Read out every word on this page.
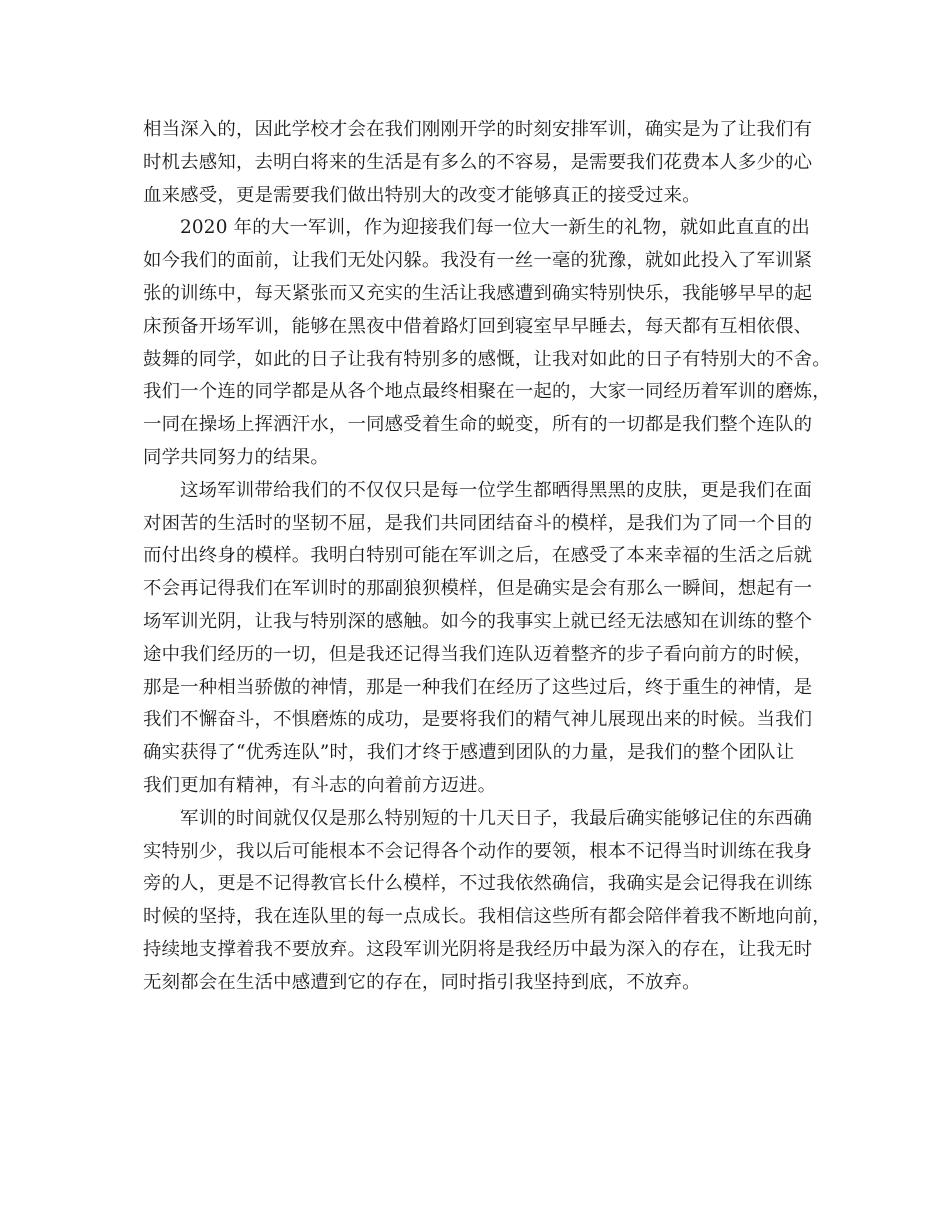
相当深入的，因此学校才会在我们刚刚开学的时刻安排军训，确实是为了让我们有
时机去感知，去明白将来的生活是有多么的不容易，是需要我们花费本人多少的心
血来感受，更是需要我们做出特别大的改变才能够真正的接受过来。
2020 年的大一军训，作为迎接我们每一位大一新生的礼物，就如此直直的出
如今我们的面前，让我们无处闪躲。我没有一丝一毫的犹豫，就如此投入了军训紧
张的训练中，每天紧张而又充实的生活让我感遭到确实特别快乐，我能够早早的起
床预备开场军训，能够在黑夜中借着路灯回到寝室早早睡去，每天都有互相依偎、
鼓舞的同学，如此的日子让我有特别多的感慨，让我对如此的日子有特别大的不舍。
我们一个连的同学都是从各个地点最终相聚在一起的，大家一同经历着军训的磨炼，
一同在操场上挥洒汗水，一同感受着生命的蜕变，所有的一切都是我们整个连队的
同学共同努力的结果。
这场军训带给我们的不仅仅只是每一位学生都晒得黑黑的皮肤，更是我们在面
对困苦的生活时的坚韧不屈，是我们共同团结奋斗的模样，是我们为了同一个目的
而付出终身的模样。我明白特别可能在军训之后，在感受了本来幸福的生活之后就
不会再记得我们在军训时的那副狼狈模样，但是确实是会有那么一瞬间，想起有一
场军训光阴，让我与特别深的感触。如今的我事实上就已经无法感知在训练的整个
途中我们经历的一切，但是我还记得当我们连队迈着整齐的步子看向前方的时候，
那是一种相当骄傲的神情，那是一种我们在经历了这些过后，终于重生的神情，是
我们不懈奋斗，不惧磨炼的成功，是要将我们的精气神儿展现出来的时候。当我们
确实获得了“优秀连队”时，我们才终于感遭到团队的力量，是我们的整个团队让
我们更加有精神，有斗志的向着前方迈进。
军训的时间就仅仅是那么特别短的十几天日子，我最后确实能够记住的东西确
实特别少，我以后可能根本不会记得各个动作的要领，根本不记得当时训练在我身
旁的人，更是不记得教官长什么模样，不过我依然确信，我确实是会记得我在训练
时候的坚持，我在连队里的每一点成长。我相信这些所有都会陪伴着我不断地向前，
持续地支撑着我不要放弃。这段军训光阴将是我经历中最为深入的存在，让我无时
无刻都会在生活中感遭到它的存在，同时指引我坚持到底，不放弃。
